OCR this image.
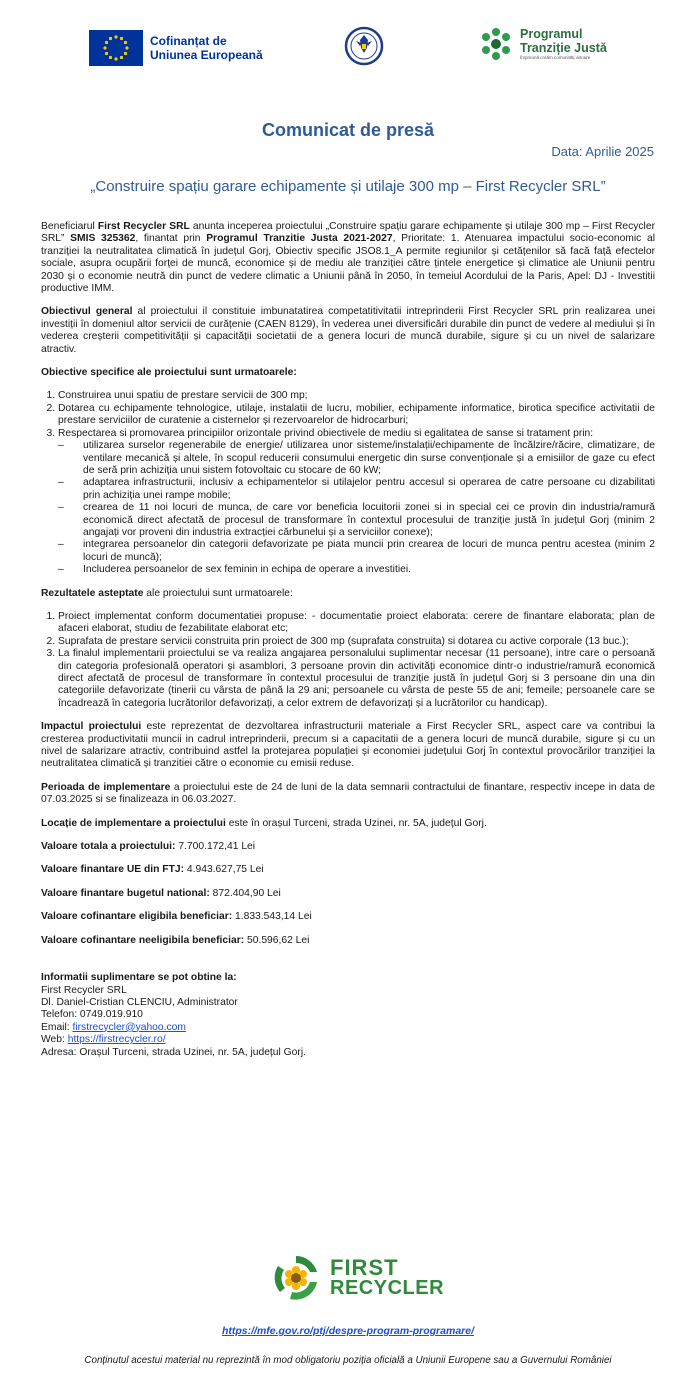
Cofinanțat de
Uniunea Europeană
Programul
Tranziție Justă
Împreună creăm comunități viitoare
Comunicat de presă
Data: Aprilie 2025
„Construire spațiu garare echipamente și utilaje 300 mp – First Recycler SRL”

Beneficiarul First Recycler SRL anunta inceperea proiectului „Construire spațiu garare echipamente și utilaje 300 mp – First Recycler SRL” SMIS 325362, finantat prin Programul Tranzitie Justa 2021-2027, Prioritate: 1. Atenuarea impactului socio-economic al tranziției la neutralitatea climatică în județul Gorj, Obiectiv specific JSO8.1_A permite regiunilor și cetățenilor să facă față efectelor sociale, asupra ocupării forței de muncă, economice și de mediu ale tranziției către țintele energetice și climatice ale Uniunii pentru 2030 și o economie neutră din punct de vedere climatic a Uniunii până în 2050, în temeiul Acordului de la Paris, Apel: DJ - Investitii productive IMM.

Obiectivul general al proiectului il constituie imbunatatirea competatitivitatii intreprinderii First Recycler SRL prin realizarea unei investiții în domeniul altor servicii de curățenie (CAEN 8129), în vederea unei diversificări durabile din punct de vedere al mediului și în vederea creșterii competitivității și capacității societatii de a genera locuri de muncă durabile, sigure și cu un nivel de salarizare atractiv.

Obiective specifice ale proiectului sunt urmatoarele:

1. Construirea unui spatiu de prestare servicii de 300 mp;
2. Dotarea cu echipamente tehnologice, utilaje, instalatii de lucru, mobilier, echipamente informatice, birotica specifice activitatii de prestare serviciilor de curatenie a cisternelor și rezervoarelor de hidrocarburi;
3. Respectarea si promovarea principiilor orizontale privind obiectivele de mediu si egalitatea de sanse si tratament prin:
– utilizarea surselor regenerabile de energie/ utilizarea unor sisteme/instalații/echipamente de încălzire/răcire, climatizare, de ventilare mecanică și altele, în scopul reducerii consumului energetic din surse convenționale și a emisiilor de gaze cu efect de seră prin achiziția unui sistem fotovoltaic cu stocare de 60 kW;
– adaptarea infrastructurii, inclusiv a echipamentelor si utilajelor pentru accesul si operarea de catre persoane cu dizabilitati prin achiziția unei rampe mobile;
– crearea de 11 noi locuri de munca, de care vor beneficia locuitorii zonei si in special cei ce provin din industria/ramură economică direct afectată de procesul de transformare în contextul procesului de tranziție justă în județul Gorj (minim 2 angajați vor proveni din industria extracției cărbunelui și a serviciilor conexe);
– integrarea persoanelor din categorii defavorizate pe piata muncii prin crearea de locuri de munca pentru acestea (minim 2 locuri de muncă);
– Includerea persoanelor de sex feminin in echipa de operare a investitiei.

Rezultatele asteptate ale proiectului sunt urmatoarele:

1. Proiect implementat conform documentatiei propuse: - documentatie proiect elaborata: cerere de finantare elaborata; plan de afaceri elaborat, studiu de fezabilitate elaborat etc;
2. Suprafata de prestare servicii construita prin proiect de 300 mp (suprafata construita) si dotarea cu active corporale (13 buc.);
3. La finalul implementarii proiectului se va realiza angajarea personalului suplimentar necesar (11 persoane), intre care o persoană din categoria profesională operatori și asamblori, 3 persoane provin din activități economice dintr-o industrie/ramură economică direct afectată de procesul de transformare în contextul procesului de tranziție justă în județul Gorj si 3 persoane din una din categoriile defavorizate (tinerii cu vârsta de până la 29 ani; persoanele cu vârsta de peste 55 de ani; femeile; persoanele care se încadrează în categoria lucrătorilor defavorizați, a celor extrem de defavorizați și a lucrătorilor cu handicap).

Impactul proiectului este reprezentat de dezvoltarea infrastructurii materiale a First Recycler SRL, aspect care va contribui la cresterea productivitatii muncii in cadrul intreprinderii, precum si a capacitatii de a genera locuri de muncă durabile, sigure și cu un nivel de salarizare atractiv, contribuind astfel la protejarea populației și economiei județului Gorj în contextul provocărilor tranziției la neutralitatea climatică și tranzitiei către o economie cu emisii reduse.

Perioada de implementare a proiectului este de 24 de luni de la data semnarii contractului de finantare, respectiv incepe in data de 07.03.2025 si se finalizeaza in 06.03.2027.

Locație de implementare a proiectului este în orașul Turceni, strada Uzinei, nr. 5A, județul Gorj.

Valoare totala a proiectului: 7.700.172,41 Lei

Valoare finantare UE din FTJ: 4.943.627,75 Lei

Valoare finantare bugetul national: 872.404,90 Lei

Valoare cofinantare eligibila beneficiar: 1.833.543,14 Lei

Valoare cofinantare neeligibila beneficiar: 50.596,62 Lei

Informatii suplimentare se pot obtine la:

First Recycler SRL

Dl. Daniel-Cristian CLENCIU, Administrator

Telefon: 0749.019.910

Email: firstrecycler@yahoo.com

Web: https://firstrecycler.ro/

Adresa: Orașul Turceni, strada Uzinei, nr. 5A, județul Gorj.

FIRST
RECYCLER
https://mfe.gov.ro/ptj/despre-program-programare/
Conținutul acestui material nu reprezintă în mod obligatoriu poziția oficială a Uniunii Europene sau a Guvernului României
